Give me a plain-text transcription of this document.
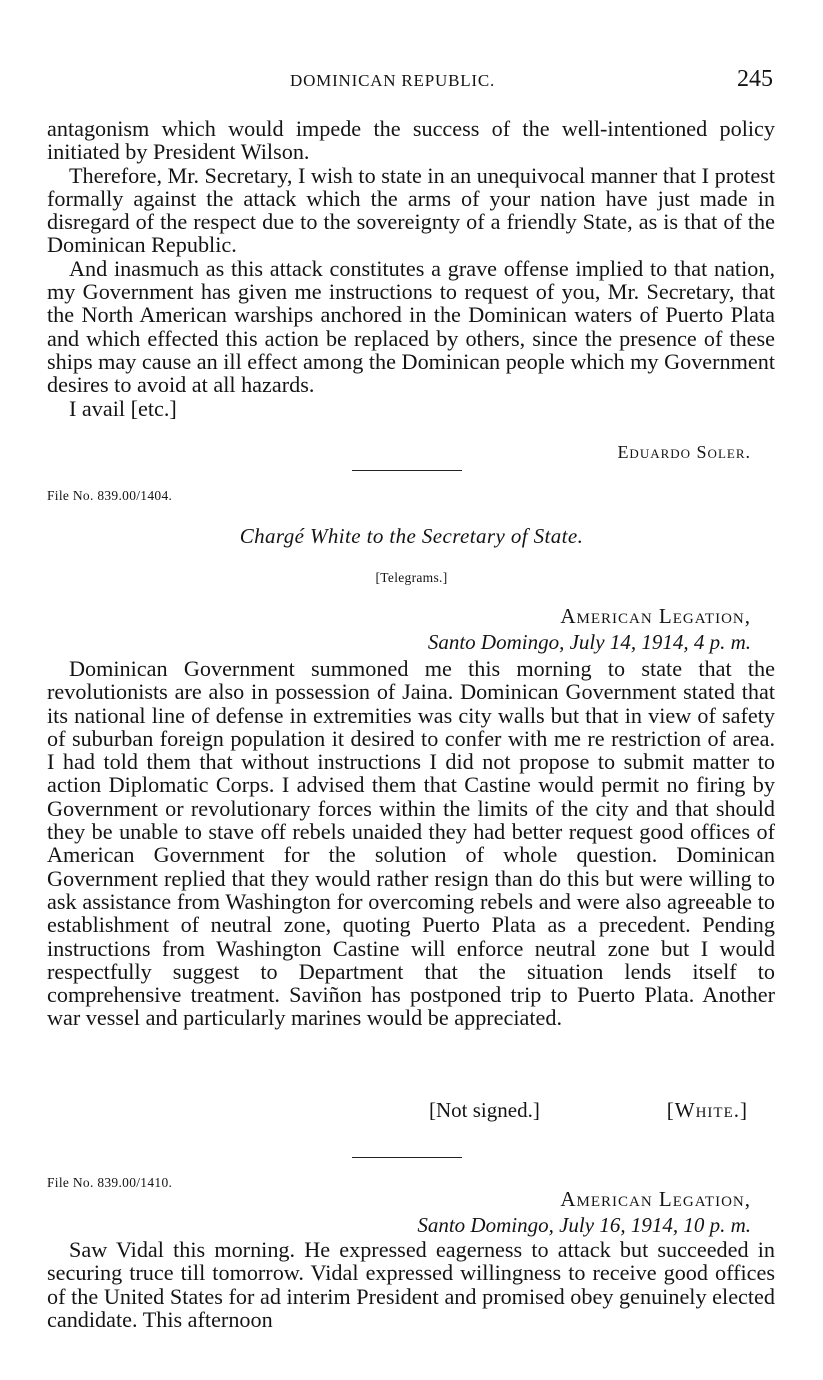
DOMINICAN REPUBLIC.	245

antagonism which would impede the success of the well-intentioned policy initiated by President Wilson.

Therefore, Mr. Secretary, I wish to state in an unequivocal manner that I protest formally against the attack which the arms of your nation have just made in disregard of the respect due to the sovereignty of a friendly State, as is that of the Dominican Republic.

And inasmuch as this attack constitutes a grave offense implied to that nation, my Government has given me instructions to request of you, Mr. Secretary, that the North American warships anchored in the Dominican waters of Puerto Plata and which effected this action be replaced by others, since the presence of these ships may cause an ill effect among the Dominican people which my Government desires to avoid at all hazards.

I avail [etc.]

Eduardo Soler.
File No. 839.00/1404.
Chargé White to the Secretary of State.
[Telegrams.]
American Legation,
Santo Domingo, July 14, 1914, 4 p. m.

Dominican Government summoned me this morning to state that the revolutionists are also in possession of Jaina. Dominican Government stated that its national line of defense in extremities was city walls but that in view of safety of suburban foreign population it desired to confer with me re restriction of area. I had told them that without instructions I did not propose to submit matter to action Diplomatic Corps. I advised them that Castine would permit no firing by Government or revolutionary forces within the limits of the city and that should they be unable to stave off rebels unaided they had better request good offices of American Government for the solution of whole question. Dominican Government replied that they would rather resign than do this but were willing to ask assistance from Washington for overcoming rebels and were also agreeable to establishment of neutral zone, quoting Puerto Plata as a precedent. Pending instructions from Washington Castine will enforce neutral zone but I would respectfully suggest to Department that the situation lends itself to comprehensive treatment. Saviñon has postponed trip to Puerto Plata. Another war vessel and particularly marines would be appreciated.

[Not signed.]	[White.]
File No. 839.00/1410.
American Legation,
Santo Domingo, July 16, 1914, 10 p. m.

Saw Vidal this morning. He expressed eagerness to attack but succeeded in securing truce till tomorrow. Vidal expressed willingness to receive good offices of the United States for ad interim President and promised obey genuinely elected candidate. This afternoon
